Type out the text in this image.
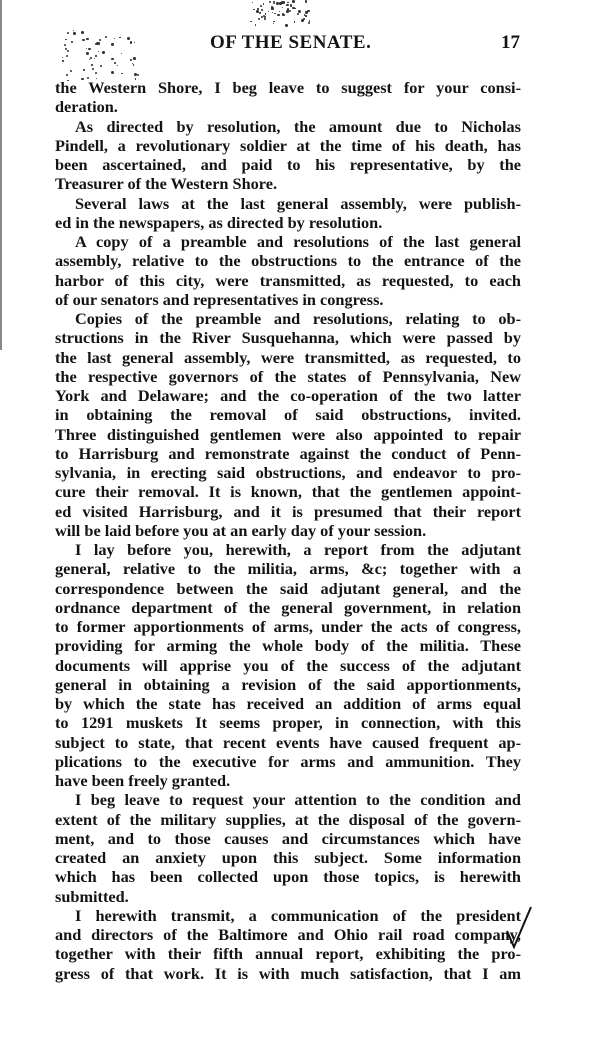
OF THE SENATE.	17
the Western Shore, I beg leave to suggest for your consi-
deration.
As directed by resolution, the amount due to Nicholas
Pindell, a revolutionary soldier at the time of his death, has
been ascertained, and paid to his representative, by the
Treasurer of the Western Shore.
Several laws at the last general assembly, were publish-
ed in the newspapers, as directed by resolution.
A copy of a preamble and resolutions of the last general
assembly, relative to the obstructions to the entrance of the
harbor of this city, were transmitted, as requested, to each
of our senators and representatives in congress.
Copies of the preamble and resolutions, relating to ob-
structions in the River Susquehanna, which were passed by
the last general assembly, were transmitted, as requested, to
the respective governors of the states of Pennsylvania, New
York and Delaware; and the co-operation of the two latter
in obtaining the removal of said obstructions, invited.
Three distinguished gentlemen were also appointed to repair
to Harrisburg and remonstrate against the conduct of Penn-
sylvania, in erecting said obstructions, and endeavor to pro-
cure their removal. It is known, that the gentlemen appoint-
ed visited Harrisburg, and it is presumed that their report
will be laid before you at an early day of your session.
I lay before you, herewith, a report from the adjutant
general, relative to the militia, arms, &c; together with a
correspondence between the said adjutant general, and the
ordnance department of the general government, in relation
to former apportionments of arms, under the acts of congress,
providing for arming the whole body of the militia. These
documents will apprise you of the success of the adjutant
general in obtaining a revision of the said apportionments,
by which the state has received an addition of arms equal
to 1291 muskets It seems proper, in connection, with this
subject to state, that recent events have caused frequent ap-
plications to the executive for arms and ammunition. They
have been freely granted.
I beg leave to request your attention to the condition and
extent of the military supplies, at the disposal of the govern-
ment, and to those causes and circumstances which have
created an anxiety upon this subject. Some information
which has been collected upon those topics, is herewith
submitted.
I herewith transmit, a communication of the president
and directors of the Baltimore and Ohio rail road company,
together with their fifth annual report, exhibiting the pro-
gress of that work. It is with much satisfaction, that I am
